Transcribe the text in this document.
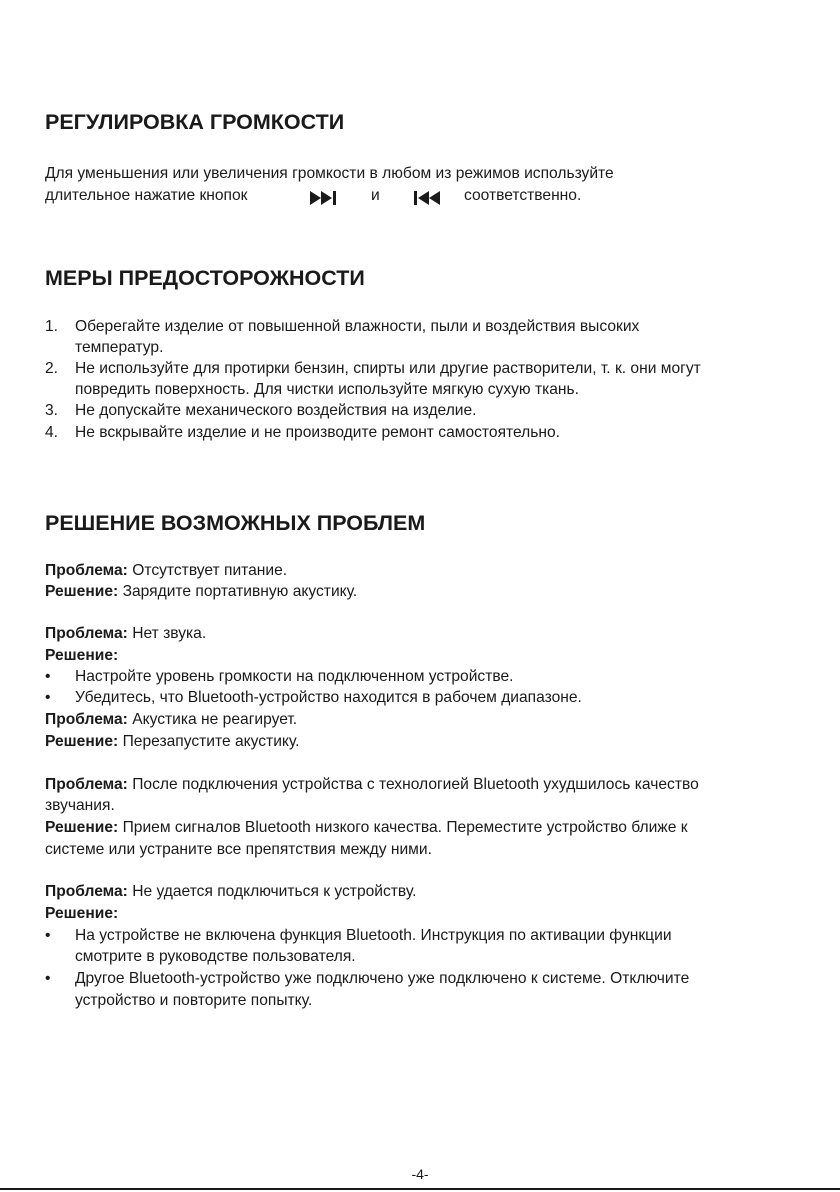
РЕГУЛИРОВКА ГРОМКОСТИ
Для уменьшения или увеличения громкости в любом из режимов используйте
длительное нажатие кнопок	и	соответственно.
МЕРЫ ПРЕДОСТОРОЖНОСТИ
1. Оберегайте изделие от повышенной влажности, пыли и воздействия высоких
температур.
2. Не используйте для протирки бензин, спирты или другие растворители, т. к. они могут
повредить поверхность. Для чистки используйте мягкую сухую ткань.
3. Не допускайте механического воздействия на изделие.
4. Не вскрывайте изделие и не производите ремонт самостоятельно.
РЕШЕНИЕ ВОЗМОЖНЫХ ПРОБЛЕМ
Проблема: Отсутствует питание.
Решение: Зарядите портативную акустику.
Проблема: Нет звука.
Решение:
• Настройте уровень громкости на подключенном устройстве.
• Убедитесь, что Bluetooth-устройство находится в рабочем диапазоне.
Проблема: Акустика не реагирует.
Решение: Перезапустите акустику.
Проблема: После подключения устройства с технологией Bluetooth ухудшилось качество
звучания.
Решение: Прием сигналов Bluetooth низкого качества. Переместите устройство ближе к
системе или устраните все препятствия между ними.
Проблема: Не удается подключиться к устройству.
Решение:
• На устройстве не включена функция Bluetooth. Инструкция по активации функции
смотрите в руководстве пользователя.
• Другое Bluetooth-устройство уже подключено уже подключено к системе. Отключите
устройство и повторите попытку.
-4-
